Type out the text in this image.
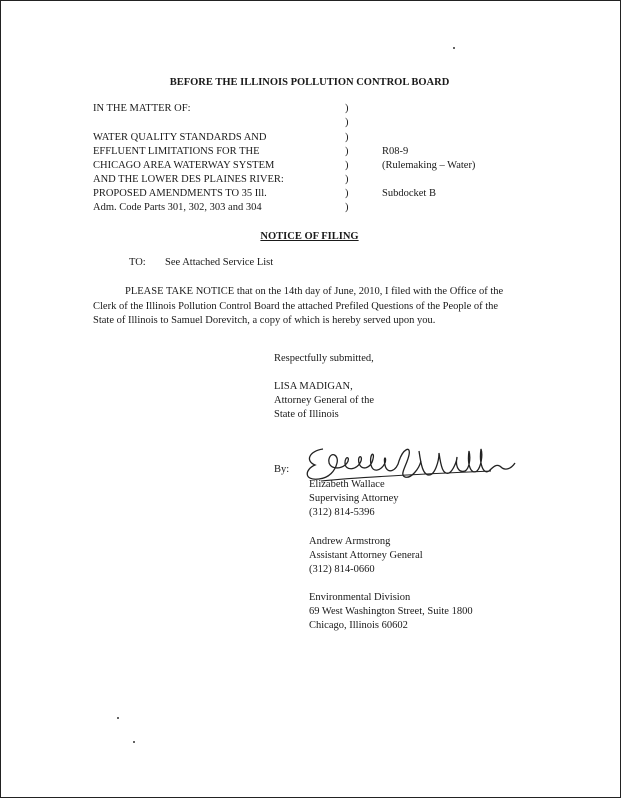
BEFORE THE ILLINOIS POLLUTION CONTROL BOARD
IN THE MATTER OF:
WATER QUALITY STANDARDS AND
EFFLUENT LIMITATIONS FOR THE
CHICAGO AREA WATERWAY SYSTEM
AND THE LOWER DES PLAINES RIVER:
PROPOSED AMENDMENTS TO 35 Ill.
Adm. Code Parts 301, 302, 303 and 304
)
)
)
)
)
)
)
)
R08-9
(Rulemaking – Water)
Subdocket B
NOTICE OF FILING
TO: See Attached Service List
PLEASE TAKE NOTICE that on the 14th day of June, 2010, I filed with the Office of the Clerk of the Illinois Pollution Control Board the attached Prefiled Questions of the People of the State of Illinois to Samuel Dorevitch, a copy of which is hereby served upon you.
Respectfully submitted,
LISA MADIGAN,
Attorney General of the
State of Illinois
By:
Elizabeth Wallace
Elizabeth Wallace
Supervising Attorney
(312) 814-5396
Andrew Armstrong
Assistant Attorney General
(312) 814-0660
Environmental Division
69 West Washington Street, Suite 1800
Chicago, Illinois 60602
